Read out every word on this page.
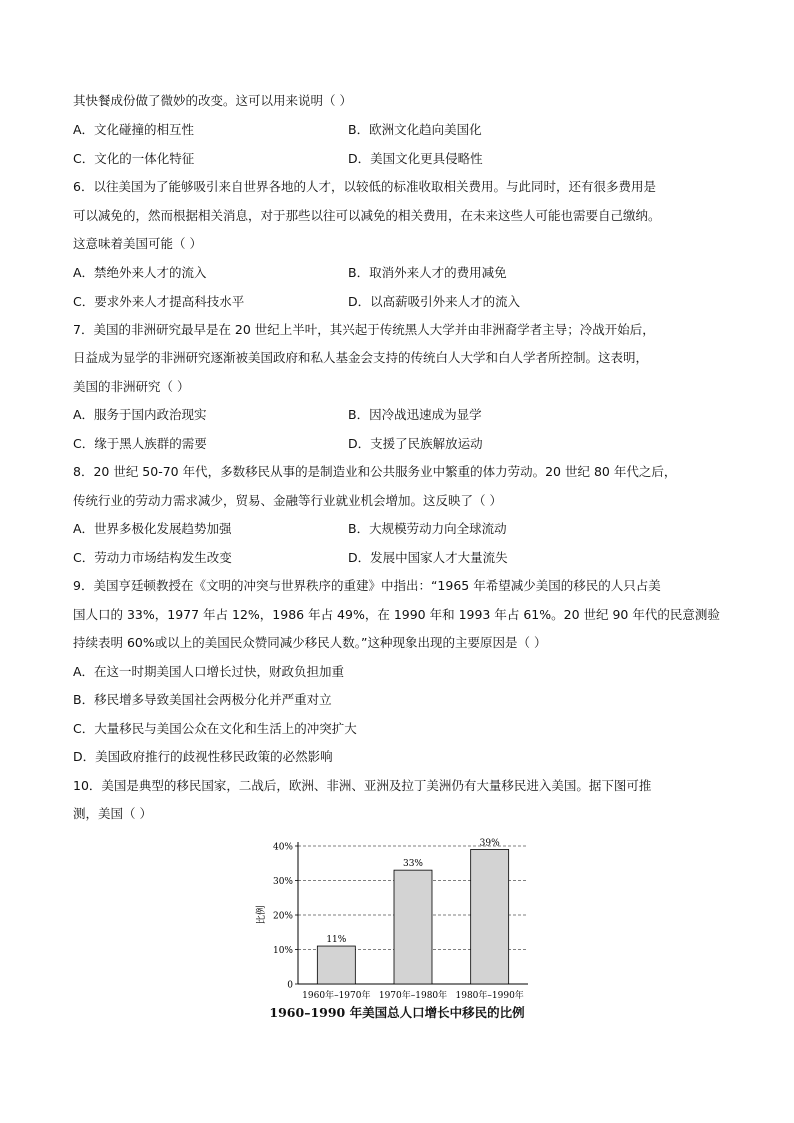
其快餐成份做了微妙的改变。这可以用来说明（ ）
A．文化碰撞的相互性	B．欧洲文化趋向美国化
C．文化的一体化特征	D．美国文化更具侵略性
6．以往美国为了能够吸引来自世界各地的人才，以较低的标准收取相关费用。与此同时，还有很多费用是
可以减免的，然而根据相关消息，对于那些以往可以减免的相关费用，在未来这些人可能也需要自己缴纳。
这意味着美国可能（ ）
A．禁绝外来人才的流入	B．取消外来人才的费用减免
C．要求外来人才提高科技水平	D．以高薪吸引外来人才的流入
7．美国的非洲研究最早是在 20 世纪上半叶，其兴起于传统黑人大学并由非洲裔学者主导；冷战开始后，
日益成为显学的非洲研究逐渐被美国政府和私人基金会支持的传统白人大学和白人学者所控制。这表明，
美国的非洲研究（ ）
A．服务于国内政治现实	B．因冷战迅速成为显学
C．缘于黑人族群的需要	D．支援了民族解放运动
8．20 世纪 50-70 年代，多数移民从事的是制造业和公共服务业中繁重的体力劳动。20 世纪 80 年代之后，
传统行业的劳动力需求减少，贸易、金融等行业就业机会增加。这反映了（ ）
A．世界多极化发展趋势加强	B．大规模劳动力向全球流动
C．劳动力市场结构发生改变	D．发展中国家人才大量流失
9．美国亨廷顿教授在《文明的冲突与世界秩序的重建》中指出：“1965 年希望减少美国的移民的人只占美
国人口的 33%，1977 年占 12%，1986 年占 49%，在 1990 年和 1993 年占 61%。20 世纪 90 年代的民意测验
持续表明 60%或以上的美国民众赞同减少移民人数。”这种现象出现的主要原因是（ ）
A．在这一时期美国人口增长过快，财政负担加重
B．移民增多导致美国社会两极分化并严重对立
C．大量移民与美国公众在文化和生活上的冲突扩大
D．美国政府推行的歧视性移民政策的必然影响
10．美国是典型的移民国家，二战后，欧洲、非洲、亚洲及拉丁美洲仍有大量移民进入美国。据下图可推
测，美国（ ）
0
10%
20%
30%
40%
比例
11%
1960年–1970年
33%
1970年–1980年
39%
1980年–1990年
1960–1990 年美国总人口增长中移民的比例
